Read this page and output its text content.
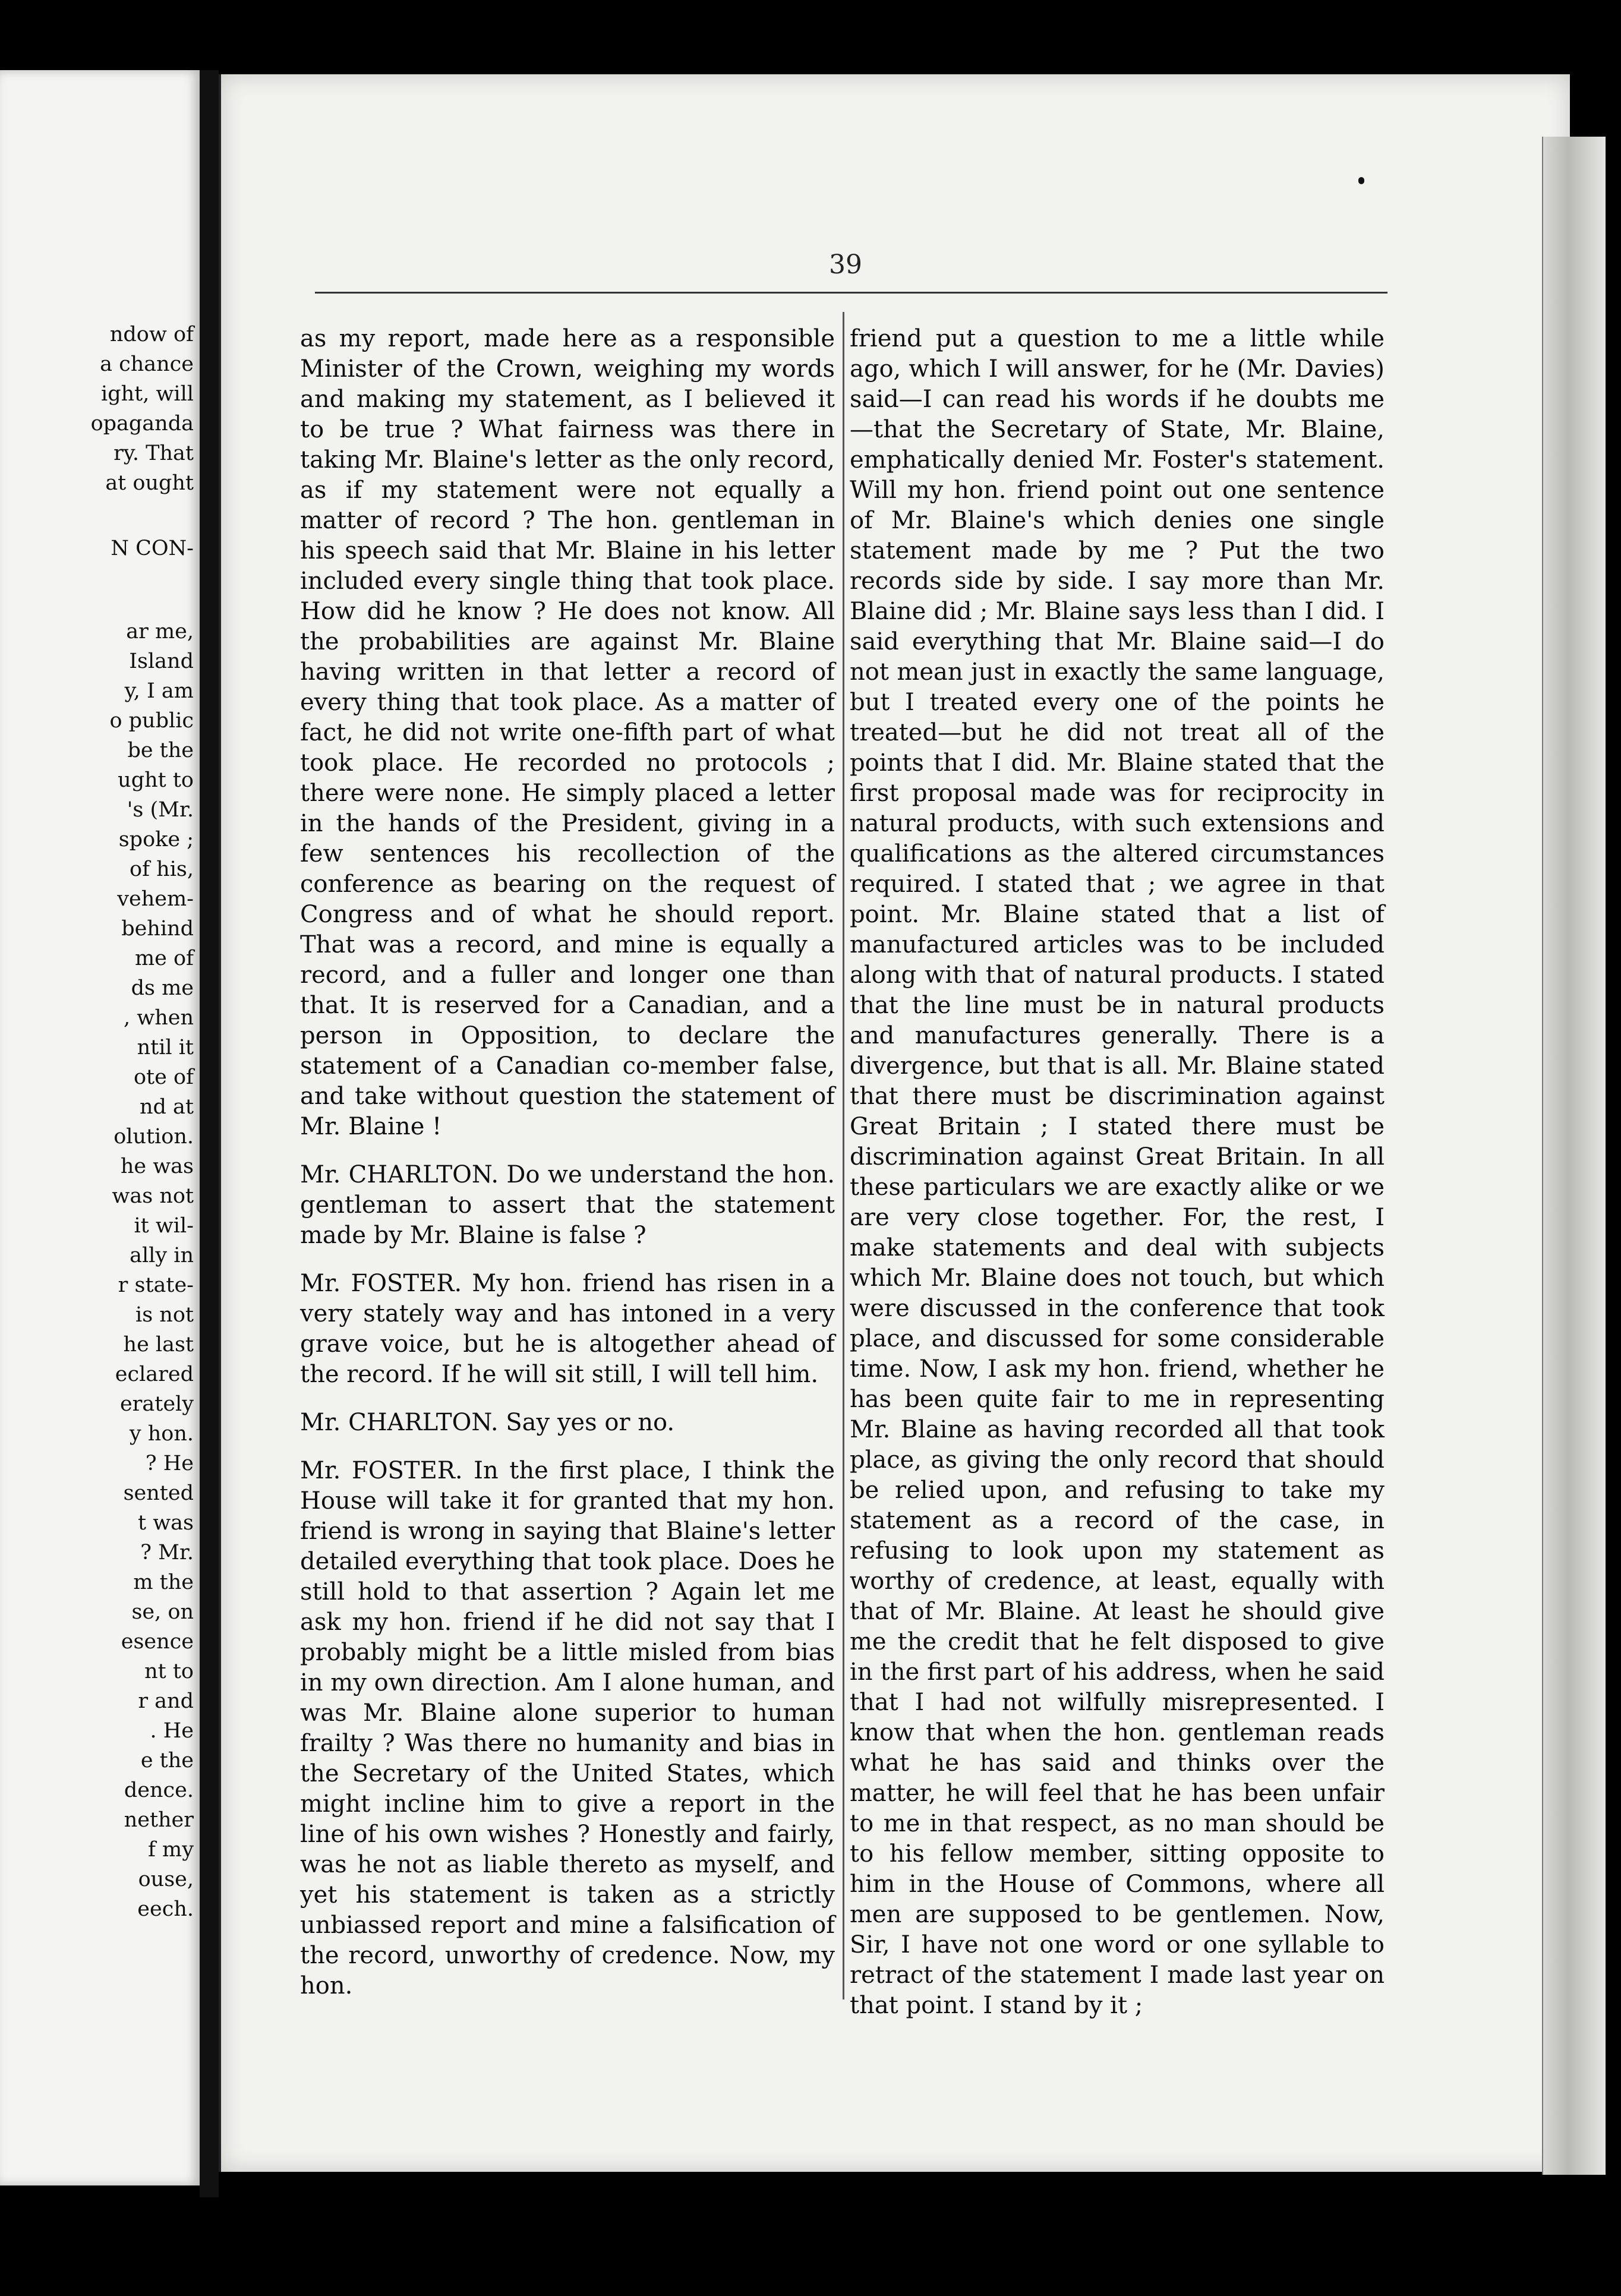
ndow of
a chance
ight, will
opaganda
ry. That
at ought
N CON-
ar me,
Island
y, I am
o public
be the
ught to
's (Mr.
spoke ;
of his,
vehem-
behind
me of
ds me
, when
ntil it
ote of
nd at
olution.
he was
was not
it wil-
ally in
r state-
is not
he last
eclared
erately
y hon.
? He
sented
t was
? Mr.
m the
se, on
esence
nt to
r and
. He
e the
dence.
nether
f my
ouse,
eech.
39

as my report, made here as a responsible Minister of the Crown, weighing my words and making my statement, as I believed it to be true ? What fairness was there in taking Mr. Blaine's letter as the only record, as if my statement were not equally a matter of record ? The hon. gentleman in his speech said that Mr. Blaine in his letter included every single thing that took place. How did he know ? He does not know. All the probabilities are against Mr. Blaine having written in that letter a record of every thing that took place. As a matter of fact, he did not write one-fifth part of what took place. He recorded no protocols ; there were none. He simply placed a letter in the hands of the President, giving in a few sentences his recollection of the conference as bearing on the request of Congress and of what he should report. That was a record, and mine is equally a record, and a fuller and longer one than that. It is reserved for a Canadian, and a person in Opposition, to declare the statement of a Canadian co-member false, and take without question the statement of Mr. Blaine !

Mr. CHARLTON. Do we understand the hon. gentleman to assert that the statement made by Mr. Blaine is false ?

Mr. FOSTER. My hon. friend has risen in a very stately way and has intoned in a very grave voice, but he is altogether ahead of the record. If he will sit still, I will tell him.

Mr. CHARLTON. Say yes or no.

Mr. FOSTER. In the first place, I think the House will take it for granted that my hon. friend is wrong in saying that Blaine's letter detailed everything that took place. Does he still hold to that assertion ? Again let me ask my hon. friend if he did not say that I probably might be a little misled from bias in my own direction. Am I alone human, and was Mr. Blaine alone superior to human frailty ? Was there no humanity and bias in the Secretary of the United States, which might incline him to give a report in the line of his own wishes ? Honestly and fairly, was he not as liable thereto as myself, and yet his statement is taken as a strictly unbiassed report and mine a falsification of the record, unworthy of credence. Now, my hon.

friend put a question to me a little while ago, which I will answer, for he (Mr. Davies) said—I can read his words if he doubts me—that the Secretary of State, Mr. Blaine, emphatically denied Mr. Foster's statement. Will my hon. friend point out one sentence of Mr. Blaine's which denies one single statement made by me ? Put the two records side by side. I say more than Mr. Blaine did ; Mr. Blaine says less than I did. I said everything that Mr. Blaine said—I do not mean just in exactly the same language, but I treated every one of the points he treated—but he did not treat all of the points that I did. Mr. Blaine stated that the first proposal made was for reciprocity in natural products, with such extensions and qualifications as the altered circumstances required. I stated that ; we agree in that point. Mr. Blaine stated that a list of manufactured articles was to be included along with that of natural products. I stated that the line must be in natural products and manufactures generally. There is a divergence, but that is all. Mr. Blaine stated that there must be discrimination against Great Britain ; I stated there must be discrimination against Great Britain. In all these particulars we are exactly alike or we are very close together. For, the rest, I make statements and deal with subjects which Mr. Blaine does not touch, but which were discussed in the conference that took place, and discussed for some considerable time. Now, I ask my hon. friend, whether he has been quite fair to me in representing Mr. Blaine as having recorded all that took place, as giving the only record that should be relied upon, and refusing to take my statement as a record of the case, in refusing to look upon my statement as worthy of credence, at least, equally with that of Mr. Blaine. At least he should give me the credit that he felt disposed to give in the first part of his address, when he said that I had not wilfully misrepresented. I know that when the hon. gentleman reads what he has said and thinks over the matter, he will feel that he has been unfair to me in that respect, as no man should be to his fellow member, sitting opposite to him in the House of Commons, where all men are supposed to be gentlemen. Now, Sir, I have not one word or one syllable to retract of the statement I made last year on that point. I stand by it ;
